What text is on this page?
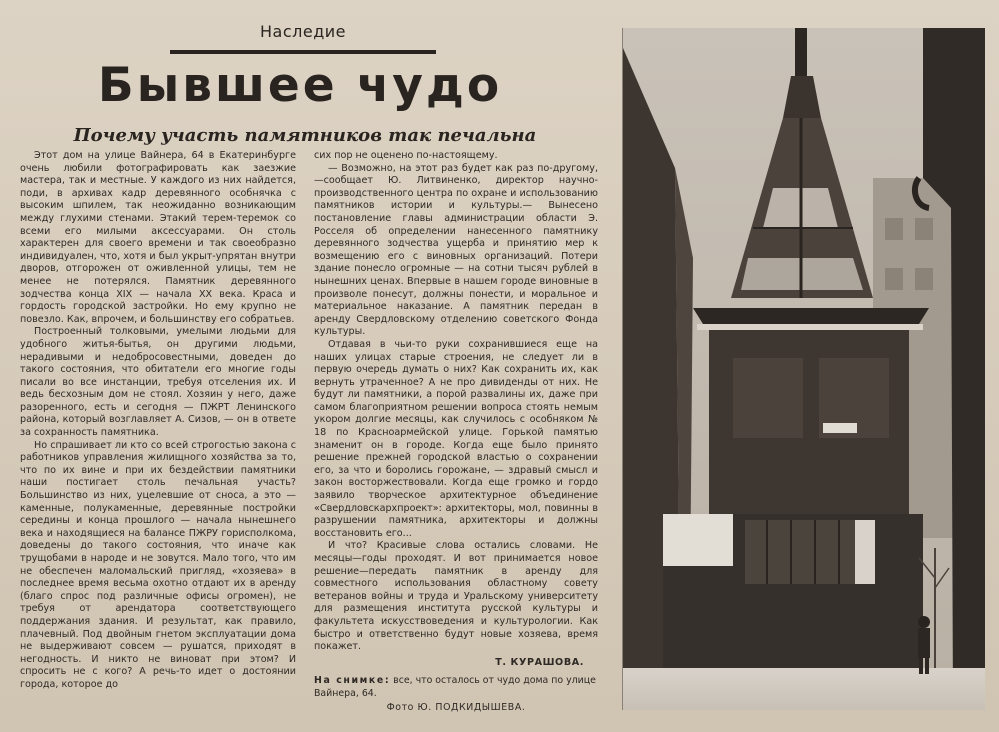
Наследие
Бывшее чудо
Почему участь памятников так печальна

Этот дом на улице Вайнера, 64 в Екатеринбурге очень любили фотографировать как заезжие мастера, так и местные. У каждого из них найдется, поди, в архивах кадр деревянного особнячка с высоким шпилем, так неожиданно возникающим между глухими стенами. Этакий терем-теремок со всеми его милыми аксессуарами. Он столь характерен для своего времени и так своеобразно индивидуален, что, хотя и был укрыт-упрятан внутри дворов, отгорожен от оживленной улицы, тем не менее не потерялся. Памятник деревянного зодчества конца XIX — начала XX века. Краса и гордость городской застройки. Но ему крупно не повезло. Как, впрочем, и большинству его собратьев.

Построенный толковыми, умелыми людьми для удобного житья-бытья, он другими людьми, нерадивыми и недобросовестными, доведен до такого состояния, что обитатели его многие годы писали во все инстанции, требуя отселения их. И ведь бесхозным дом не стоял. Хозяин у него, даже разоренного, есть и сегодня — ПЖРТ Ленинского района, который возглавляет А. Сизов, — он в ответе за сохранность памятника.

Но спрашивает ли кто со всей строгостью закона с работников управления жилищного хозяйства за то, что по их вине и при их бездействии памятники наши постигает столь печальная участь? Большинство из них, уцелевшие от сноса, а это — каменные, полукаменные, деревянные постройки середины и конца прошлого — начала нынешнего века и находящиеся на балансе ПЖРУ горисполкома, доведены до такого состояния, что иначе как трущобами в народе и не зовутся. Мало того, что им не обеспечен маломальский пригляд, «хозяева» в последнее время весьма охотно отдают их в аренду (благо спрос под различные офисы огромен), не требуя от арендатора соответствующего поддержания здания. И результат, как правило, плачевный. Под двойным гнетом эксплуатации дома не выдерживают совсем — рушатся, приходят в негодность. И никто не виноват при этом? И спросить не с кого? А речь-то идет о достоянии города, которое до

сих пор не оценено по-настоящему.

— Возможно, на этот раз будет как раз по-другому,—сообщает Ю. Литвиненко, директор научно-производственного центра по охране и использованию памятников истории и культуры.— Вынесено постановление главы администрации области Э. Росселя об определении нанесенного памятнику деревянного зодчества ущерба и принятию мер к возмещению его с виновных организаций. Потери здание понесло огромные — на сотни тысяч рублей в нынешних ценах. Впервые в нашем городе виновные в произволе понесут, должны понести, и моральное и материальное наказание. А памятник передан в аренду Свердловскому отделению советского Фонда культуры.

Отдавая в чьи-то руки сохранившиеся еще на наших улицах старые строения, не следует ли в первую очередь думать о них? Как сохранить их, как вернуть утраченное? А не про дивиденды от них. Не будут ли памятники, а порой развалины их, даже при самом благоприятном решении вопроса стоять немым укором долгие месяцы, как случилось с особняком № 18 по Красноармейской улице. Горькой памятью знаменит он в городе. Когда еще было принято решение прежней городской властью о сохранении его, за что и боролись горожане, — здравый смысл и закон восторжествовали. Когда еще громко и гордо заявило творческое архитектурное объединение «Свердловскархпроект»: архитекторы, мол, повинны в разрушении памятника, архитекторы и должны восстановить его...

И что? Красивые слова остались словами. Не месяцы—годы проходят. И вот принимается новое решение—передать памятник в аренду для совместного использования областному совету ветеранов войны и труда и Уральскому университету для размещения института русской культуры и факультета искусствоведения и культурологии. Как быстро и ответственно будут новые хозяева, время покажет.

Т. КУРАШОВА.
На снимке: все, что осталось от чудо дома по улице Вайнера, 64.
Фото Ю. ПОДКИДЫШЕВА.
